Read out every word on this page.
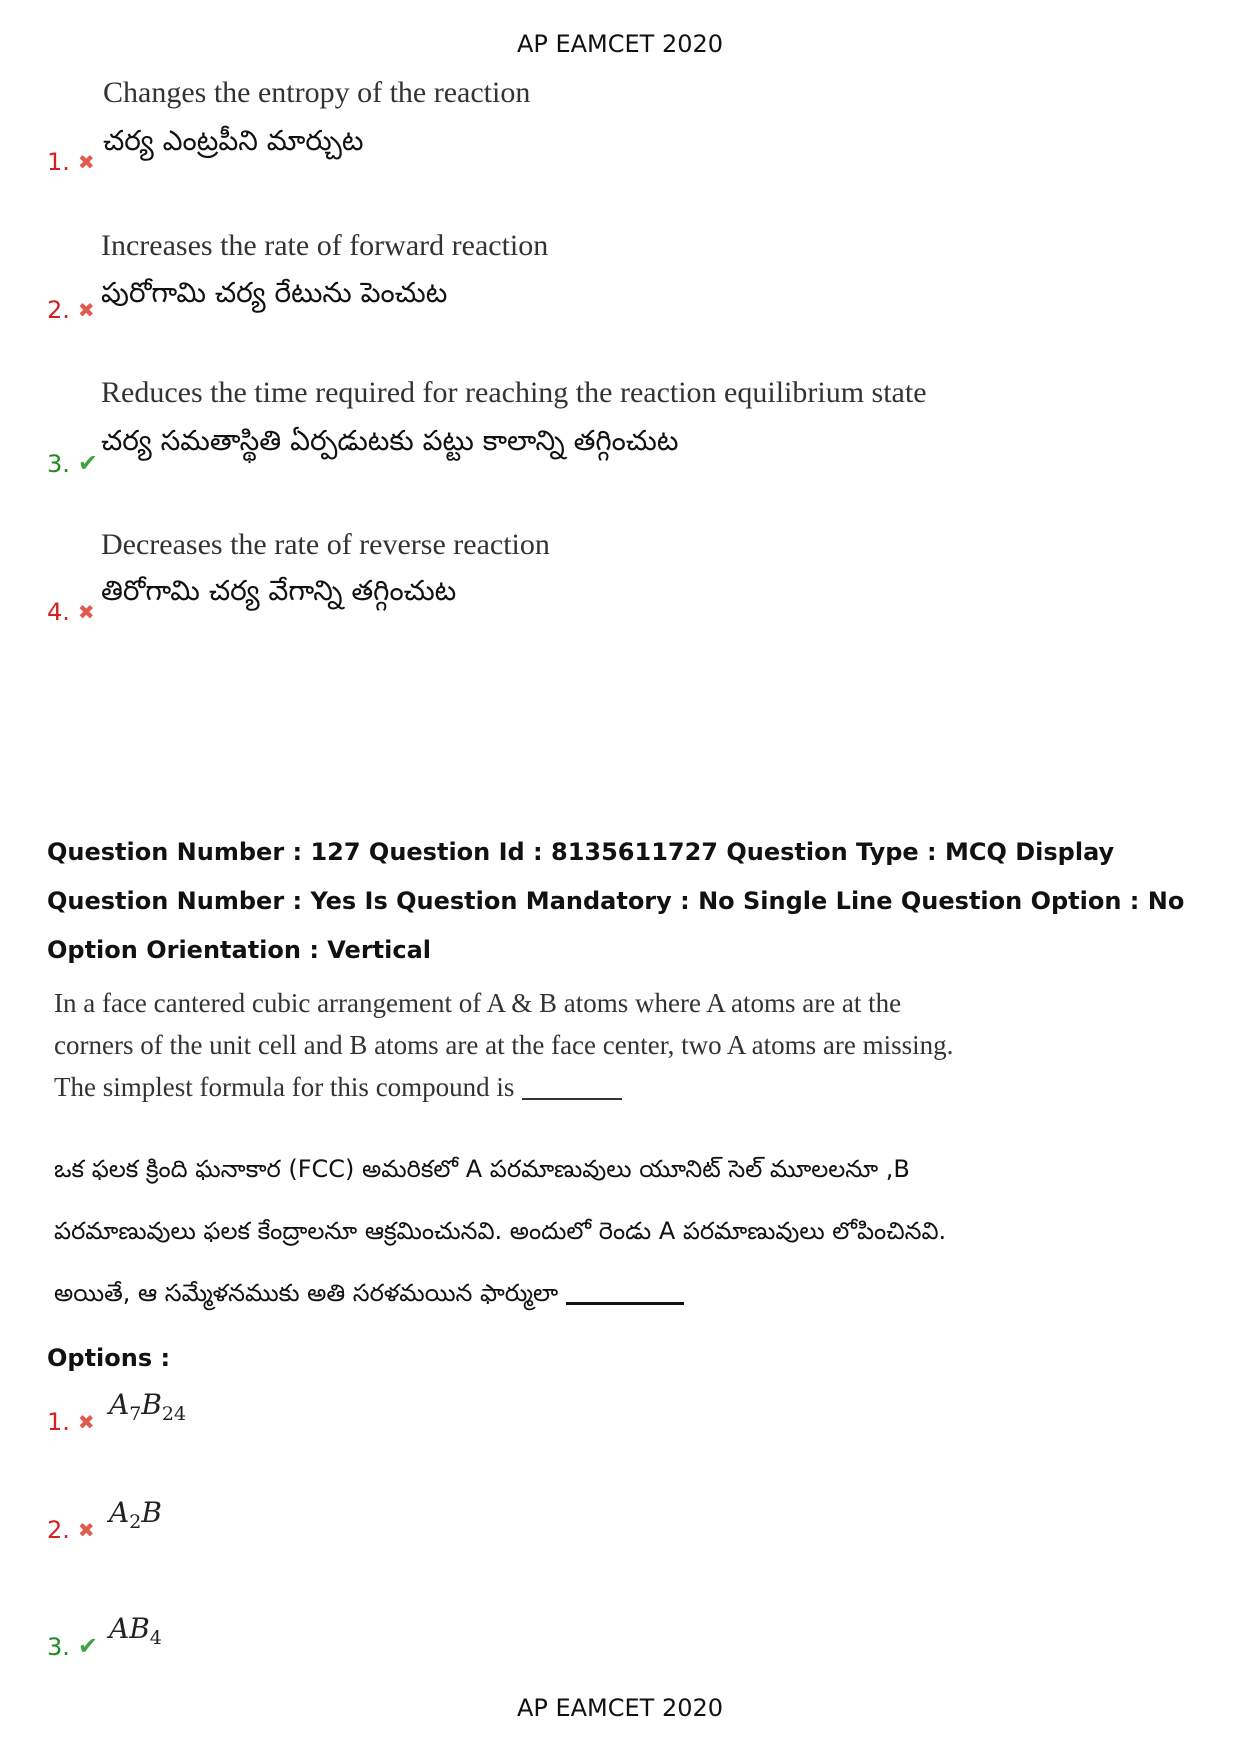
AP EAMCET 2020
Changes the entropy of the reaction
చర్య ఎంట్రపీని మార్చుట
1. ✖
Increases the rate of forward reaction
పురోగామి చర్య రేటును పెంచుట
2. ✖
Reduces the time required for reaching the reaction equilibrium state
చర్య సమతాస్థితి ఏర్పడుటకు పట్టు కాలాన్ని తగ్గించుట
3. ✔
Decreases the rate of reverse reaction
తిరోగామి చర్య వేగాన్ని తగ్గించుట
4. ✖
Question Number : 127 Question Id : 8135611727 Question Type : MCQ Display Question Number : Yes Is Question Mandatory : No Single Line Question Option : No Option Orientation : Vertical
In a face cantered cubic arrangement of A & B atoms where A atoms are at the corners of the unit cell and B atoms are at the face center, two A atoms are missing. The simplest formula for this compound is
ఒక ఫలక క్రింది ఘనాకార (FCC) అమరికలో A పరమాణువులు యూనిట్ సెల్ మూలలనూ ,B
పరమాణువులు ఫలక కేంద్రాలనూ ఆక్రమించునవి. అందులో రెండు A పరమాణువులు లోపించినవి.
అయితే, ఆ సమ్మేళనముకు అతి సరళమయిన ఫార్ములా
Options :
1. ✖
$A_7B_{24}$
2. ✖
$A_2B$
3. ✔
$AB_4$
AP EAMCET 2020
